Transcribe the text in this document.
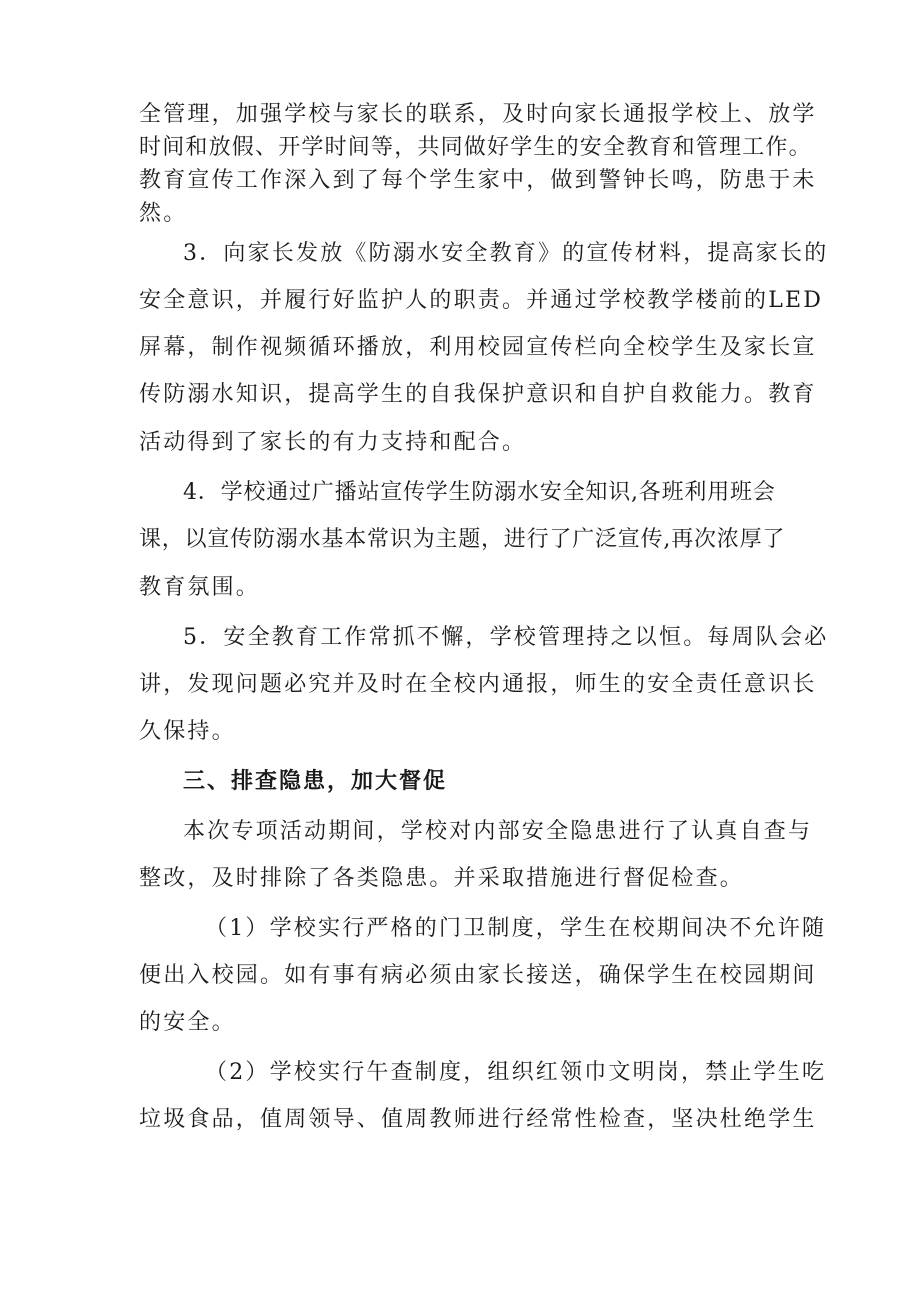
全管理，加强学校与家长的联系，及时向家长通报学校上、放学

时间和放假、开学时间等，共同做好学生的安全教育和管理工作。

教育宣传工作深入到了每个学生家中，做到警钟长鸣，防患于未

然。

3．向家长发放《防溺水安全教育》的宣传材料，提高家长的

安全意识，并履行好监护人的职责。并通过学校教学楼前的LED

屏幕，制作视频循环播放，利用校园宣传栏向全校学生及家长宣

传防溺水知识，提高学生的自我保护意识和自护自救能力。教育

活动得到了家长的有力支持和配合。

4．学校通过广播站宣传学生防溺水安全知识,各班利用班会

课，以宣传防溺水基本常识为主题，进行了广泛宣传,再次浓厚了

教育氛围。

5．安全教育工作常抓不懈，学校管理持之以恒。每周队会必

讲，发现问题必究并及时在全校内通报，师生的安全责任意识长

久保持。

三、排查隐患，加大督促

本次专项活动期间，学校对内部安全隐患进行了认真自查与

整改，及时排除了各类隐患。并采取措施进行督促检查。

（1）学校实行严格的门卫制度，学生在校期间决不允许随

便出入校园。如有事有病必须由家长接送，确保学生在校园期间

的安全。

（2）学校实行午查制度，组织红领巾文明岗，禁止学生吃

垃圾食品，值周领导、值周教师进行经常性检查，坚决杜绝学生
